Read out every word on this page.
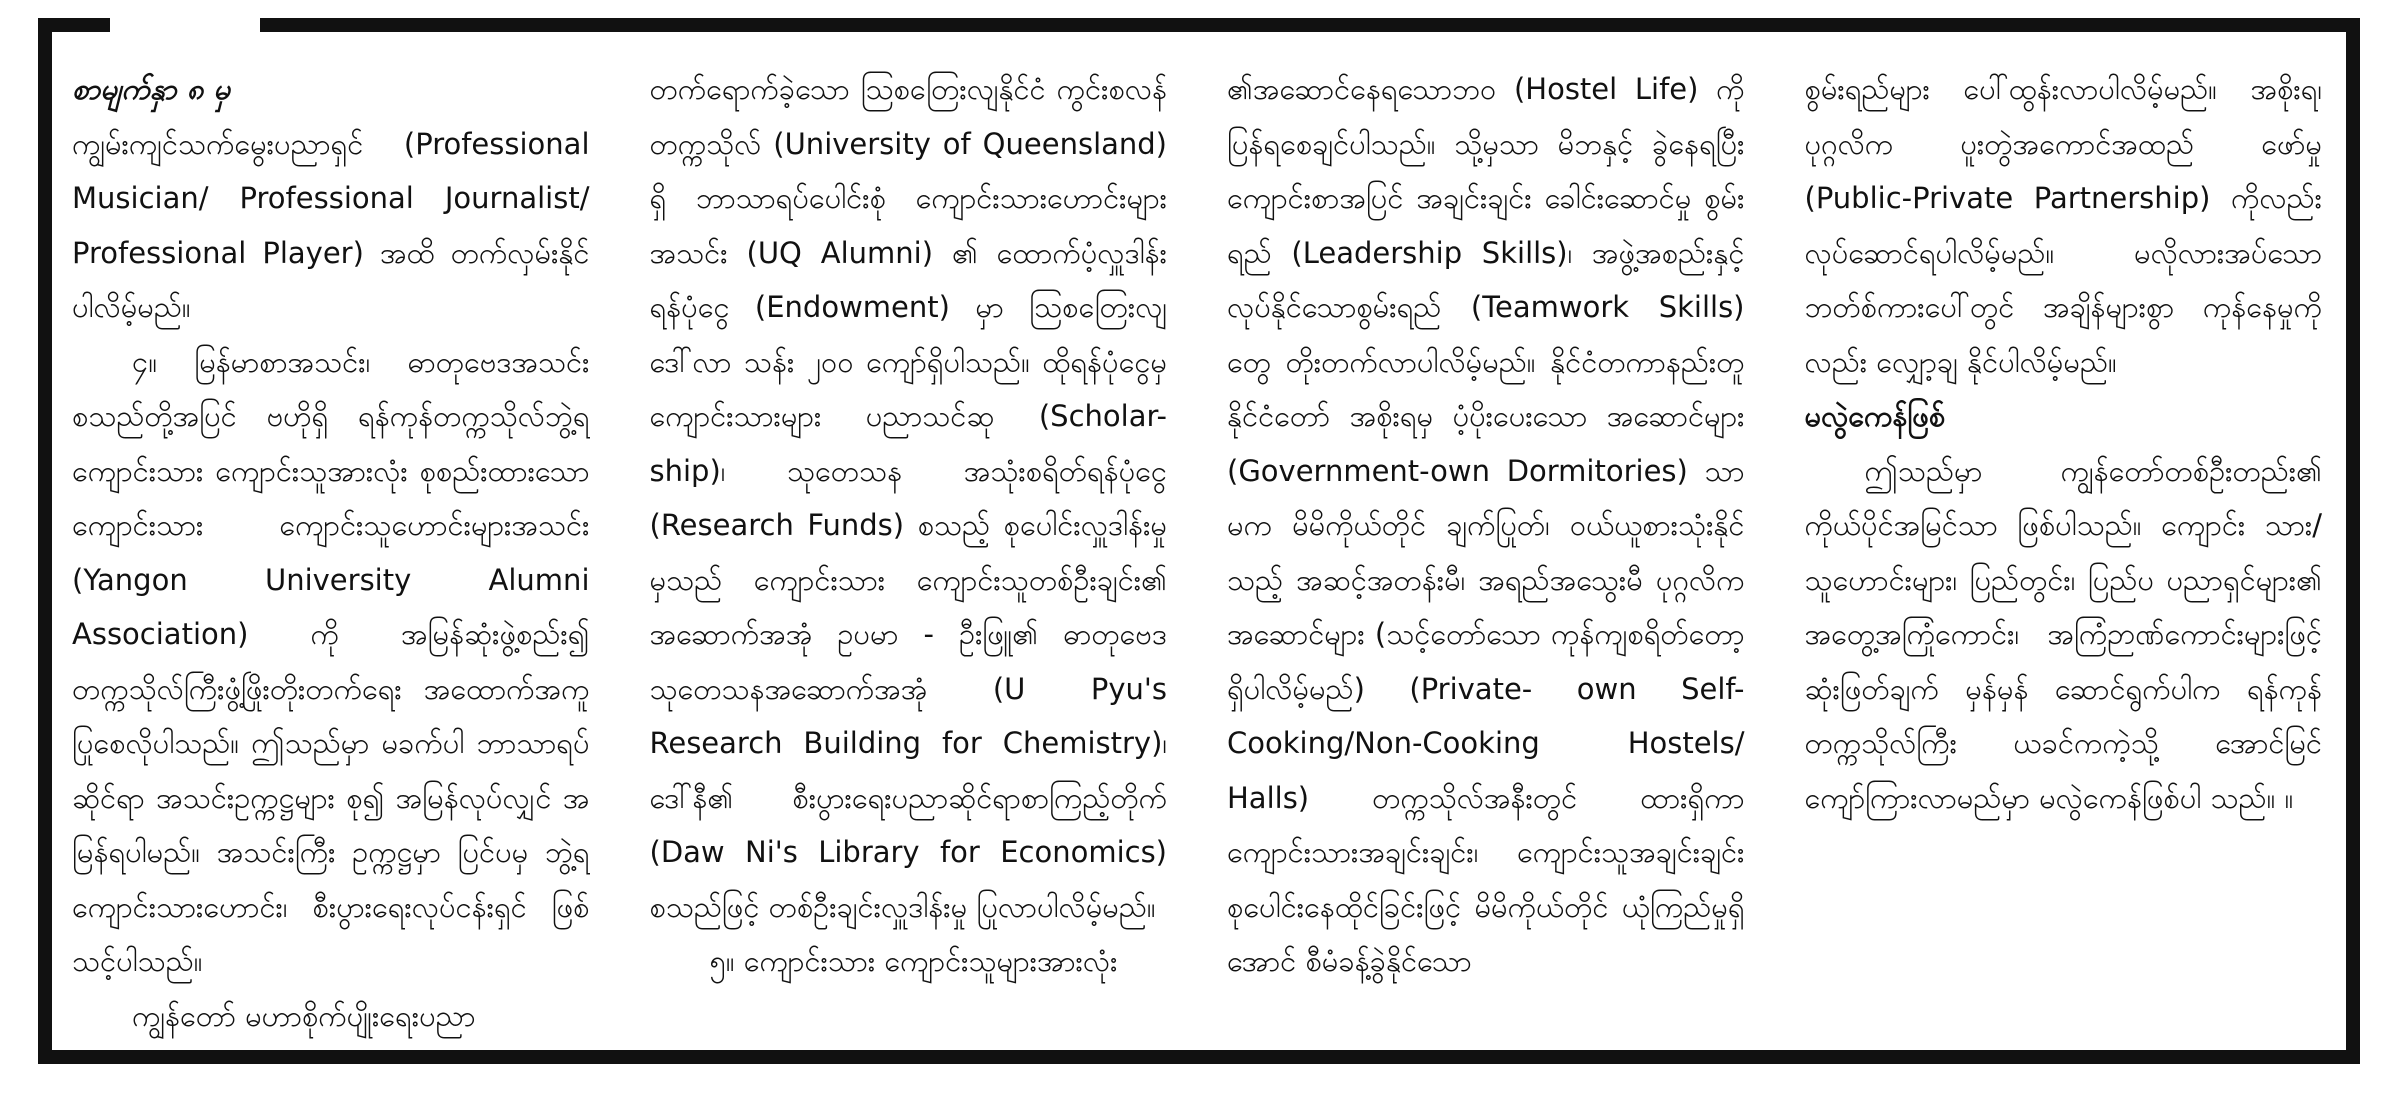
စာမျက်နှာ ၈ မှ

ကျွမ်းကျင်သက်မွေးပညာရှင် (Professional Musician/ Professional Journalist/ Professional Player) အထိ တက်လှမ်းနိုင်ပါလိမ့်မည်။

၄။ မြန်မာစာအသင်း၊ ဓာတုဗေဒအသင်း စသည်တို့အပြင် ဗဟိုရှိ ရန်ကုန်တက္ကသိုလ်ဘွဲ့ရကျောင်းသား ကျောင်းသူအားလုံး စုစည်းထားသော ကျောင်းသား ကျောင်းသူဟောင်းများအသင်း (Yangon University Alumni Association) ကို အမြန်ဆုံးဖွဲ့စည်း၍ တက္ကသိုလ်ကြီးဖွံ့ဖြိုးတိုးတက်ရေး အထောက်အကူပြုစေလိုပါသည်။ ဤသည်မှာ မခက်ပါ ဘာသာရပ်ဆိုင်ရာ အသင်းဥက္ကဋ္ဌများ စု၍ အမြန်လုပ်လျှင် အမြန်ရပါမည်။ အသင်းကြီး ဥက္ကဋ္ဌမှာ ပြင်ပမှ ဘွဲ့ရကျောင်းသားဟောင်း၊ စီးပွားရေးလုပ်ငန်းရှင် ဖြစ်သင့်ပါသည်။

ကျွန်တော် မဟာစိုက်ပျိုးရေးပညာ

တက်ရောက်ခဲ့သော ဩစတြေးလျနိုင်ငံ ကွင်းစလန်တက္ကသိုလ် (University of Queensland) ရှိ ဘာသာရပ်ပေါင်းစုံ ကျောင်းသားဟောင်းများအသင်း (UQ Alumni) ၏ ထောက်ပံ့လှူဒါန်းရန်ပုံငွေ (Endowment) မှာ ဩစတြေးလျဒေါ်လာ သန်း ၂၀၀ ကျော်ရှိပါသည်။ ထိုရန်ပုံငွေမှ ကျောင်းသားများ ပညာသင်ဆု (Scholar- ship)၊ သုတေသန အသုံးစရိတ်ရန်ပုံငွေ (Research Funds) စသည့် စုပေါင်းလှူဒါန်းမှုမှသည် ကျောင်းသား ကျောင်းသူတစ်ဦးချင်း၏ အဆောက်အအုံ ဥပမာ - ဦးဖြူ၏ ဓာတုဗေဒ သုတေသနအဆောက်အအုံ (U Pyu's Research Building for Chemistry)၊ ဒေါ်နီ၏ စီးပွားရေးပညာဆိုင်ရာစာကြည့်တိုက် (Daw Ni's Library for Economics) စသည်ဖြင့် တစ်ဦးချင်းလှူဒါန်းမှု ပြုလာပါလိမ့်မည်။

၅။ ကျောင်းသား ကျောင်းသူများအားလုံး

၏အဆောင်နေရသောဘဝ (Hostel Life) ကို ပြန်ရစေချင်ပါသည်။ သို့မှသာ မိဘနှင့် ခွဲနေရပြီး ကျောင်းစာအပြင် အချင်းချင်း ခေါင်းဆောင်မှု စွမ်းရည် (Leadership Skills)၊ အဖွဲ့အစည်းနှင့် လုပ်နိုင်သောစွမ်းရည် (Teamwork Skills) တွေ တိုးတက်လာပါလိမ့်မည်။ နိုင်ငံတကာနည်းတူ နိုင်ငံတော် အစိုးရမှ ပံ့ပိုးပေးသော အဆောင်များ (Government-own Dormitories) သာမက မိမိကိုယ်တိုင် ချက်ပြုတ်၊ ဝယ်ယူစားသုံးနိုင်သည့် အဆင့်အတန်းမီ၊ အရည်အသွေးမီ ပုဂ္ဂလိကအဆောင်များ (သင့်တော်သော ကုန်ကျစရိတ်တော့ ရှိပါလိမ့်မည်) (Private- own Self-Cooking/Non-Cooking Hostels/ Halls) တက္ကသိုလ်အနီးတွင် ထားရှိကာ ကျောင်းသားအချင်းချင်း၊ ကျောင်းသူအချင်းချင်း စုပေါင်းနေထိုင်ခြင်းဖြင့် မိမိကိုယ်တိုင် ယုံကြည်မှုရှိအောင် စီမံခန့်ခွဲနိုင်သော

စွမ်းရည်များ ပေါ်ထွန်းလာပါလိမ့်မည်။ အစိုးရ၊ ပုဂ္ဂလိက ပူးတွဲအကောင်အထည် ဖော်မှု (Public-Private Partnership) ကိုလည်း လုပ်ဆောင်ရပါလိမ့်မည်။ မလိုလားအပ်သော ဘတ်စ်ကားပေါ်တွင် အချိန်များစွာ ကုန်နေမှုကိုလည်း လျှော့ချ နိုင်ပါလိမ့်မည်။

မလွဲကေန်ဖြစ်

ဤသည်မှာ ကျွန်တော်တစ်ဦးတည်း၏ ကိုယ်ပိုင်အမြင်သာ ဖြစ်ပါသည်။ ကျောင်း သား/ သူဟောင်းများ၊ ပြည်တွင်း၊ ပြည်ပ ပညာရှင်များ၏ အတွေ့အကြုံကောင်း၊ အကြံဉာဏ်ကောင်းများဖြင့် ဆုံးဖြတ်ချက် မှန်မှန် ဆောင်ရွက်ပါက ရန်ကုန် တက္ကသိုလ်ကြီး ယခင်ကကဲ့သို့ အောင်မြင် ကျော်ကြားလာမည်မှာ မလွဲကေန်ဖြစ်ပါ သည်။ ။
